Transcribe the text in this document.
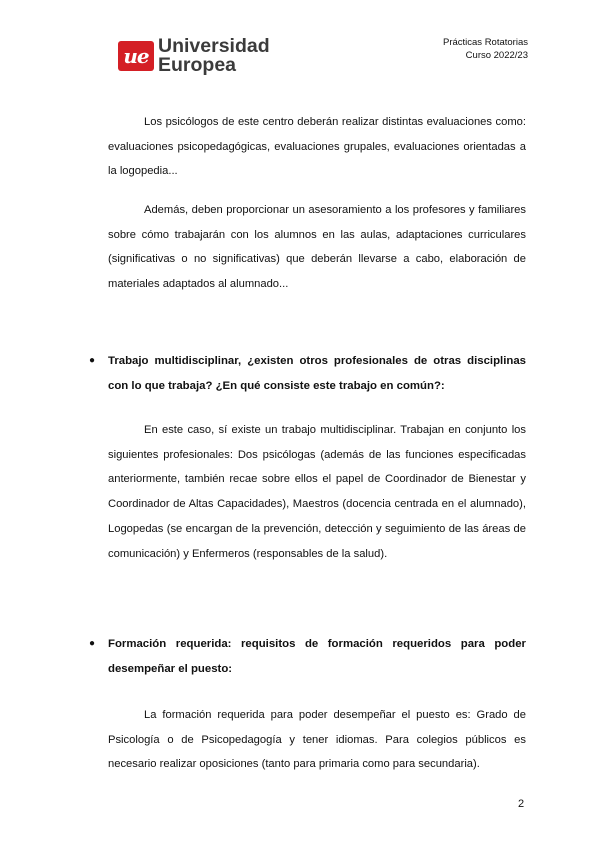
ue Universidad
Europea
Prácticas Rotatorias
Curso 2022/23

Los psicólogos de este centro deberán realizar distintas evaluaciones como: evaluaciones psicopedagógicas, evaluaciones grupales, evaluaciones orientadas a la logopedia...

Además, deben proporcionar un asesoramiento a los profesores y familiares sobre cómo trabajarán con los alumnos en las aulas, adaptaciones curriculares (significativas o no significativas) que deberán llevarse a cabo, elaboración de materiales adaptados al alumnado...

● Trabajo multidisciplinar, ¿existen otros profesionales de otras disciplinas con lo que trabaja? ¿En qué consiste este trabajo en común?:

En este caso, sí existe un trabajo multidisciplinar. Trabajan en conjunto los siguientes profesionales: Dos psicólogas (además de las funciones especificadas anteriormente, también recae sobre ellos el papel de Coordinador de Bienestar y Coordinador de Altas Capacidades), Maestros (docencia centrada en el alumnado), Logopedas (se encargan de la prevención, detección y seguimiento de las áreas de comunicación) y Enfermeros (responsables de la salud).

● Formación requerida: requisitos de formación requeridos para poder desempeñar el puesto:

La formación requerida para poder desempeñar el puesto es: Grado de Psicología o de Psicopedagogía y tener idiomas. Para colegios públicos es necesario realizar oposiciones (tanto para primaria como para secundaria).

2
